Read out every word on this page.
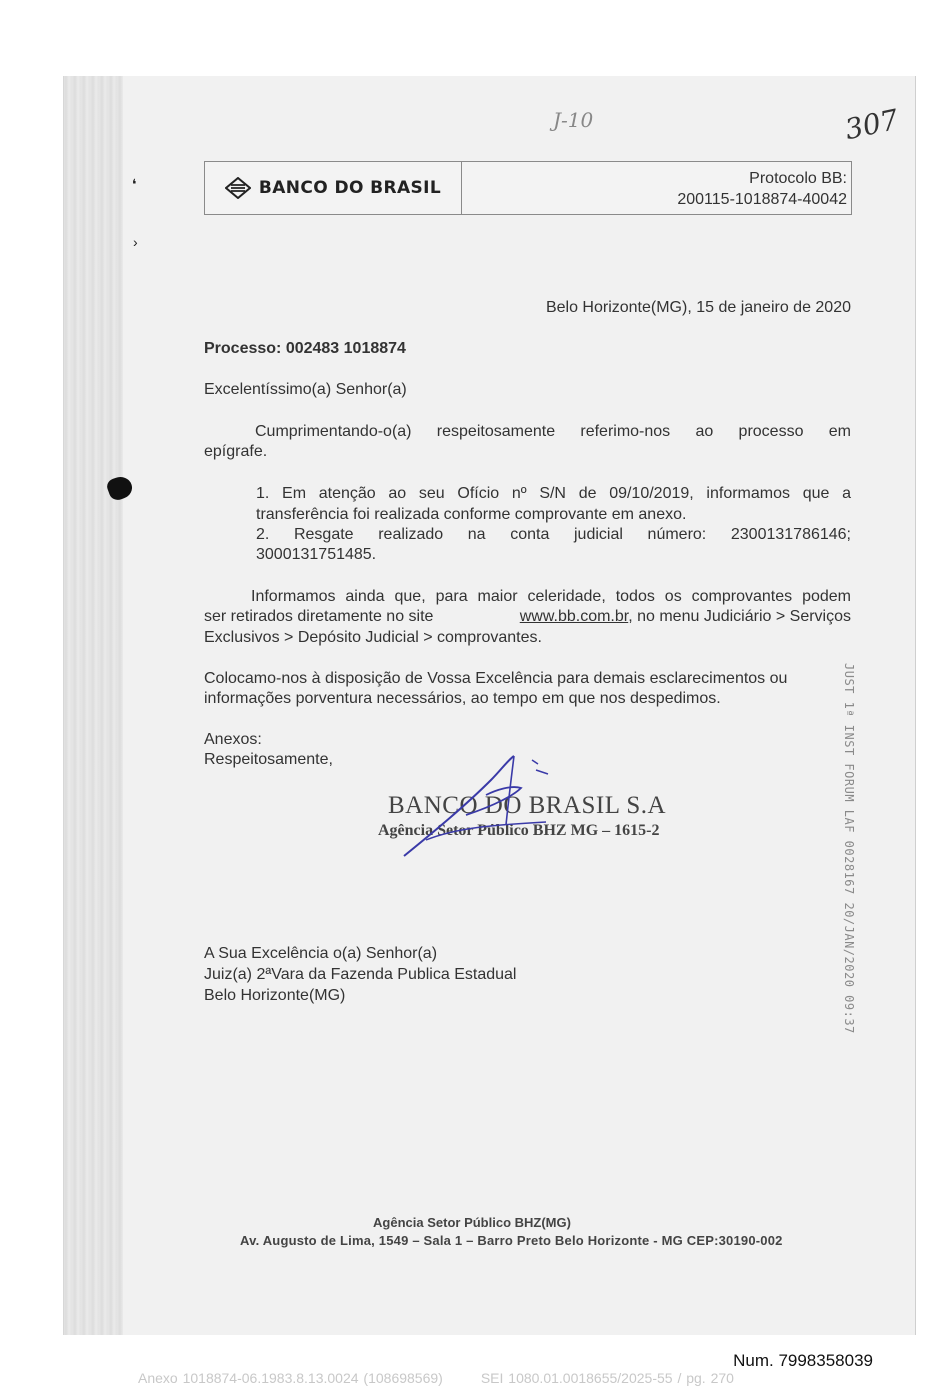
❛
›
J-10	307
BANCO DO BRASIL	Protocolo BB:
200115-1018874-40042
Belo Horizonte(MG), 15 de janeiro de 2020
Processo: 002483 1018874
Excelentíssimo(a) Senhor(a)
Cumprimentando-o(a) respeitosamente referimo-nos ao processo em
epígrafe.
1. Em atenção ao seu Ofício nº S/N de 09/10/2019, informamos que a
transferência foi realizada conforme comprovante em anexo.
2. Resgate realizado na conta judicial número: 2300131786146;
3000131751485.
Informamos ainda que, para maior celeridade, todos os comprovantes podem
ser retirados diretamente no site	www.bb.com.br, no menu Judiciário > Serviços
Exclusivos > Depósito Judicial > comprovantes.
Colocamo-nos à disposição de Vossa Excelência para demais esclarecimentos ou
informações porventura necessários, ao tempo em que nos despedimos.
Anexos:
Respeitosamente,
BANCO DO BRASIL S.A
Agência Setor Público BHZ MG – 1615-2
A Sua Excelência o(a) Senhor(a)
Juiz(a) 2ªVara da Fazenda Publica Estadual
Belo Horizonte(MG)	JUST 1ª INST FORUM LAF 0028167 20/JAN/2020 09:37
Agência Setor Público BHZ(MG)
Av. Augusto de Lima, 1549 – Sala 1 – Barro Preto Belo Horizonte - MG CEP:30190-002
Num. 7998358039
Anexo 1018874-06.1983.8.13.0024 (108698569)	SEI 1080.01.0018655/2025-55 / pg. 270
